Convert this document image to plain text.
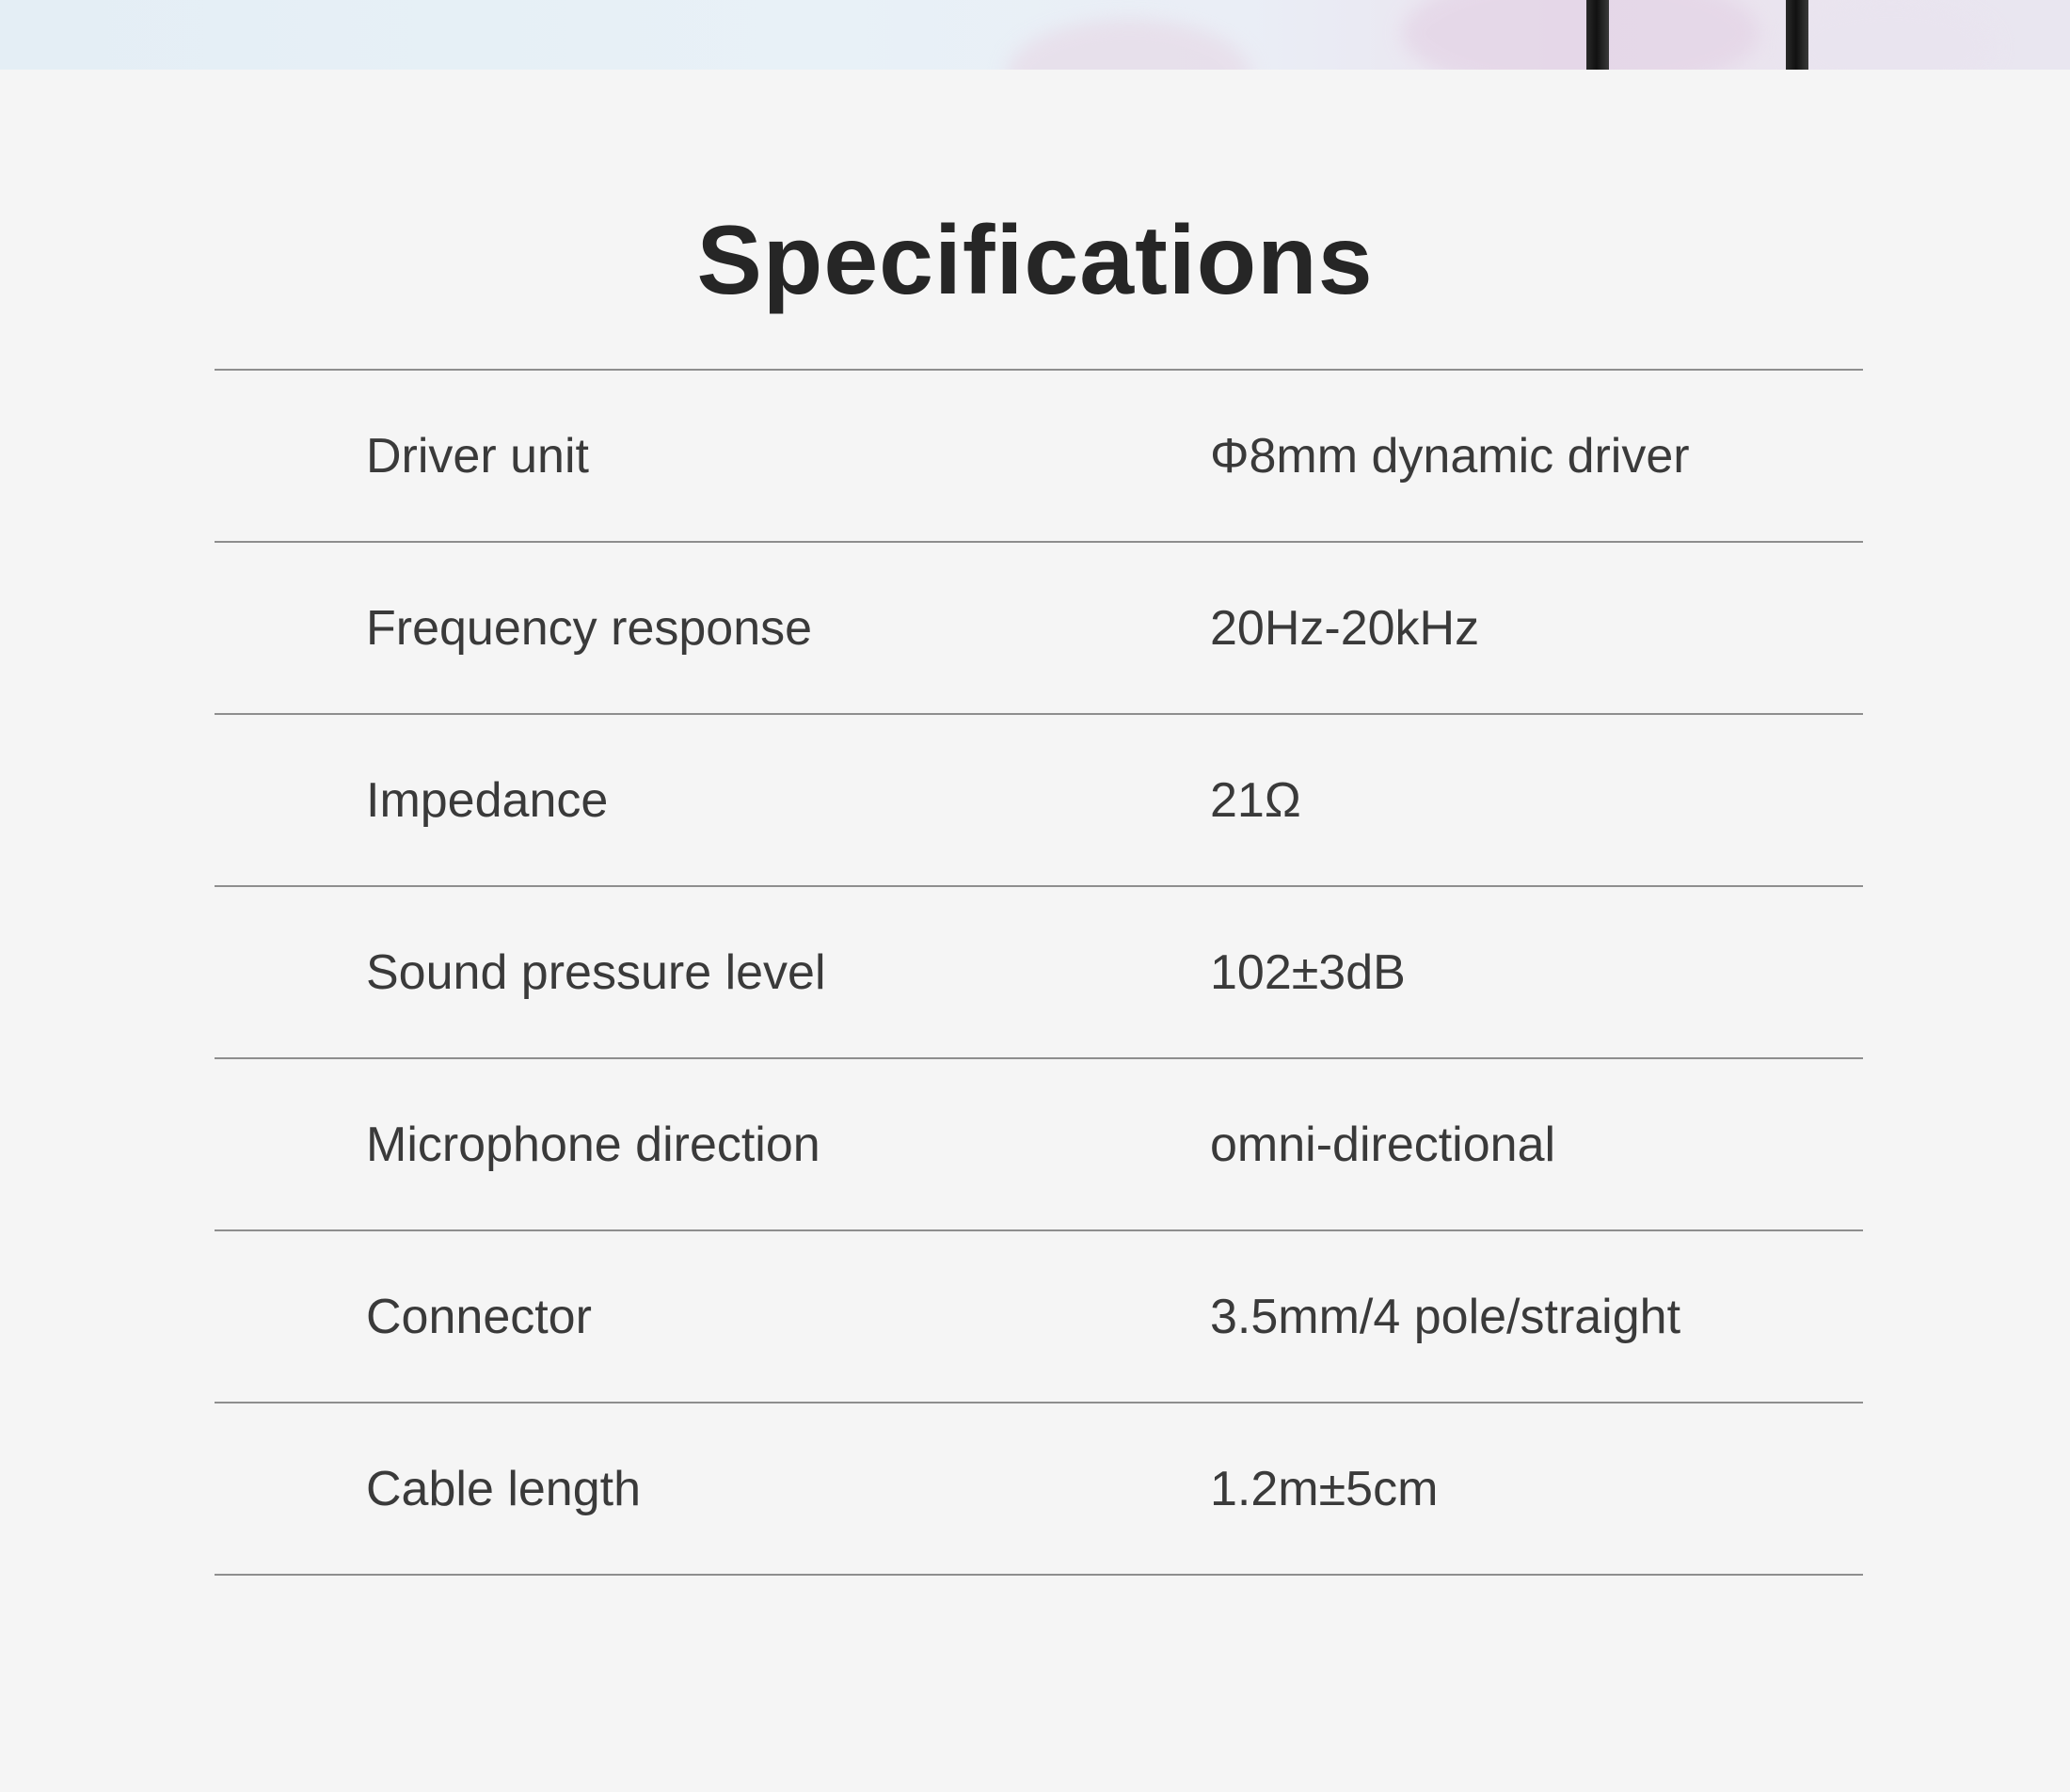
Specifications
Driver unit	Φ8mm dynamic driver
Frequency response	20Hz-20kHz
Impedance	21Ω
Sound pressure level	102±3dB
Microphone direction	omni-directional
Connector	3.5mm/4 pole/straight
Cable length	1.2m±5cm
